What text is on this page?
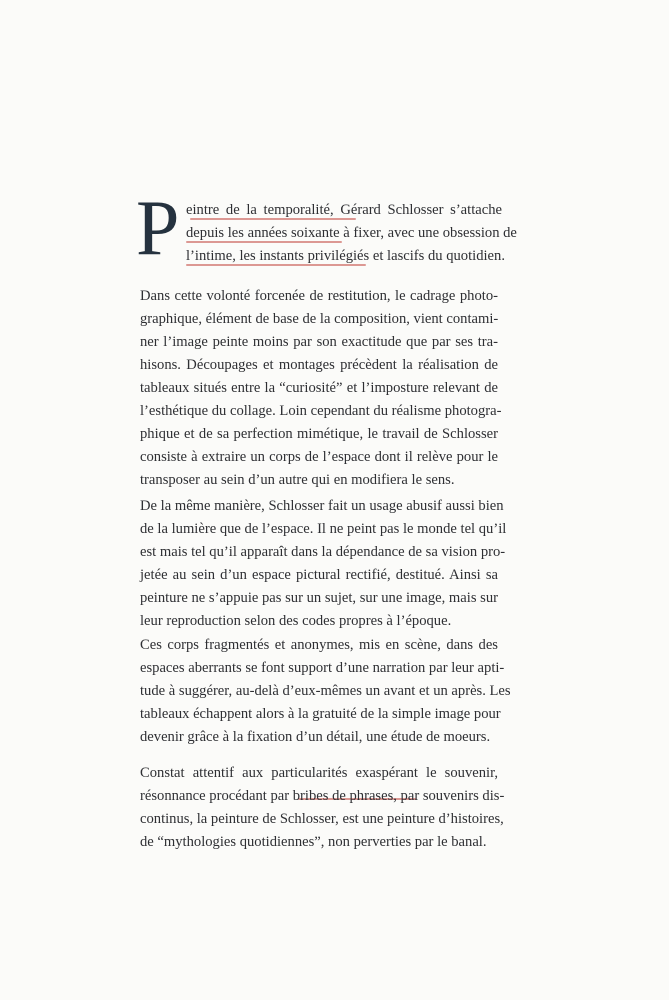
P eintre de la temporalité, Gérard Schlosser s’attache
depuis les années soixante à fixer, avec une obsession de
l’intime, les instants privilégiés et lascifs du quotidien.
Dans cette volonté forcenée de restitution, le cadrage photo-
graphique, élément de base de la composition, vient contami-
ner l’image peinte moins par son exactitude que par ses tra-
hisons. Découpages et montages précèdent la réalisation de
tableaux situés entre la “curiosité” et l’imposture relevant de
l’esthétique du collage. Loin cependant du réalisme photogra-
phique et de sa perfection mimétique, le travail de Schlosser
consiste à extraire un corps de l’espace dont il relève pour le
transposer au sein d’un autre qui en modifiera le sens.
De la même manière, Schlosser fait un usage abusif aussi bien
de la lumière que de l’espace. Il ne peint pas le monde tel qu’il
est mais tel qu’il apparaît dans la dépendance de sa vision pro-
jetée au sein d’un espace pictural rectifié, destitué. Ainsi sa
peinture ne s’appuie pas sur un sujet, sur une image, mais sur
leur reproduction selon des codes propres à l’époque.
Ces corps fragmentés et anonymes, mis en scène, dans des
espaces aberrants se font support d’une narration par leur apti-
tude à suggérer, au-delà d’eux-mêmes un avant et un après. Les
tableaux échappent alors à la gratuité de la simple image pour
devenir grâce à la fixation d’un détail, une étude de moeurs.
Constat attentif aux particularités exaspérant le souvenir,
résonnance procédant par bribes de phrases, par souvenirs dis-
continus, la peinture de Schlosser, est une peinture d’histoires,
de “mythologies quotidiennes”, non perverties par le banal.
